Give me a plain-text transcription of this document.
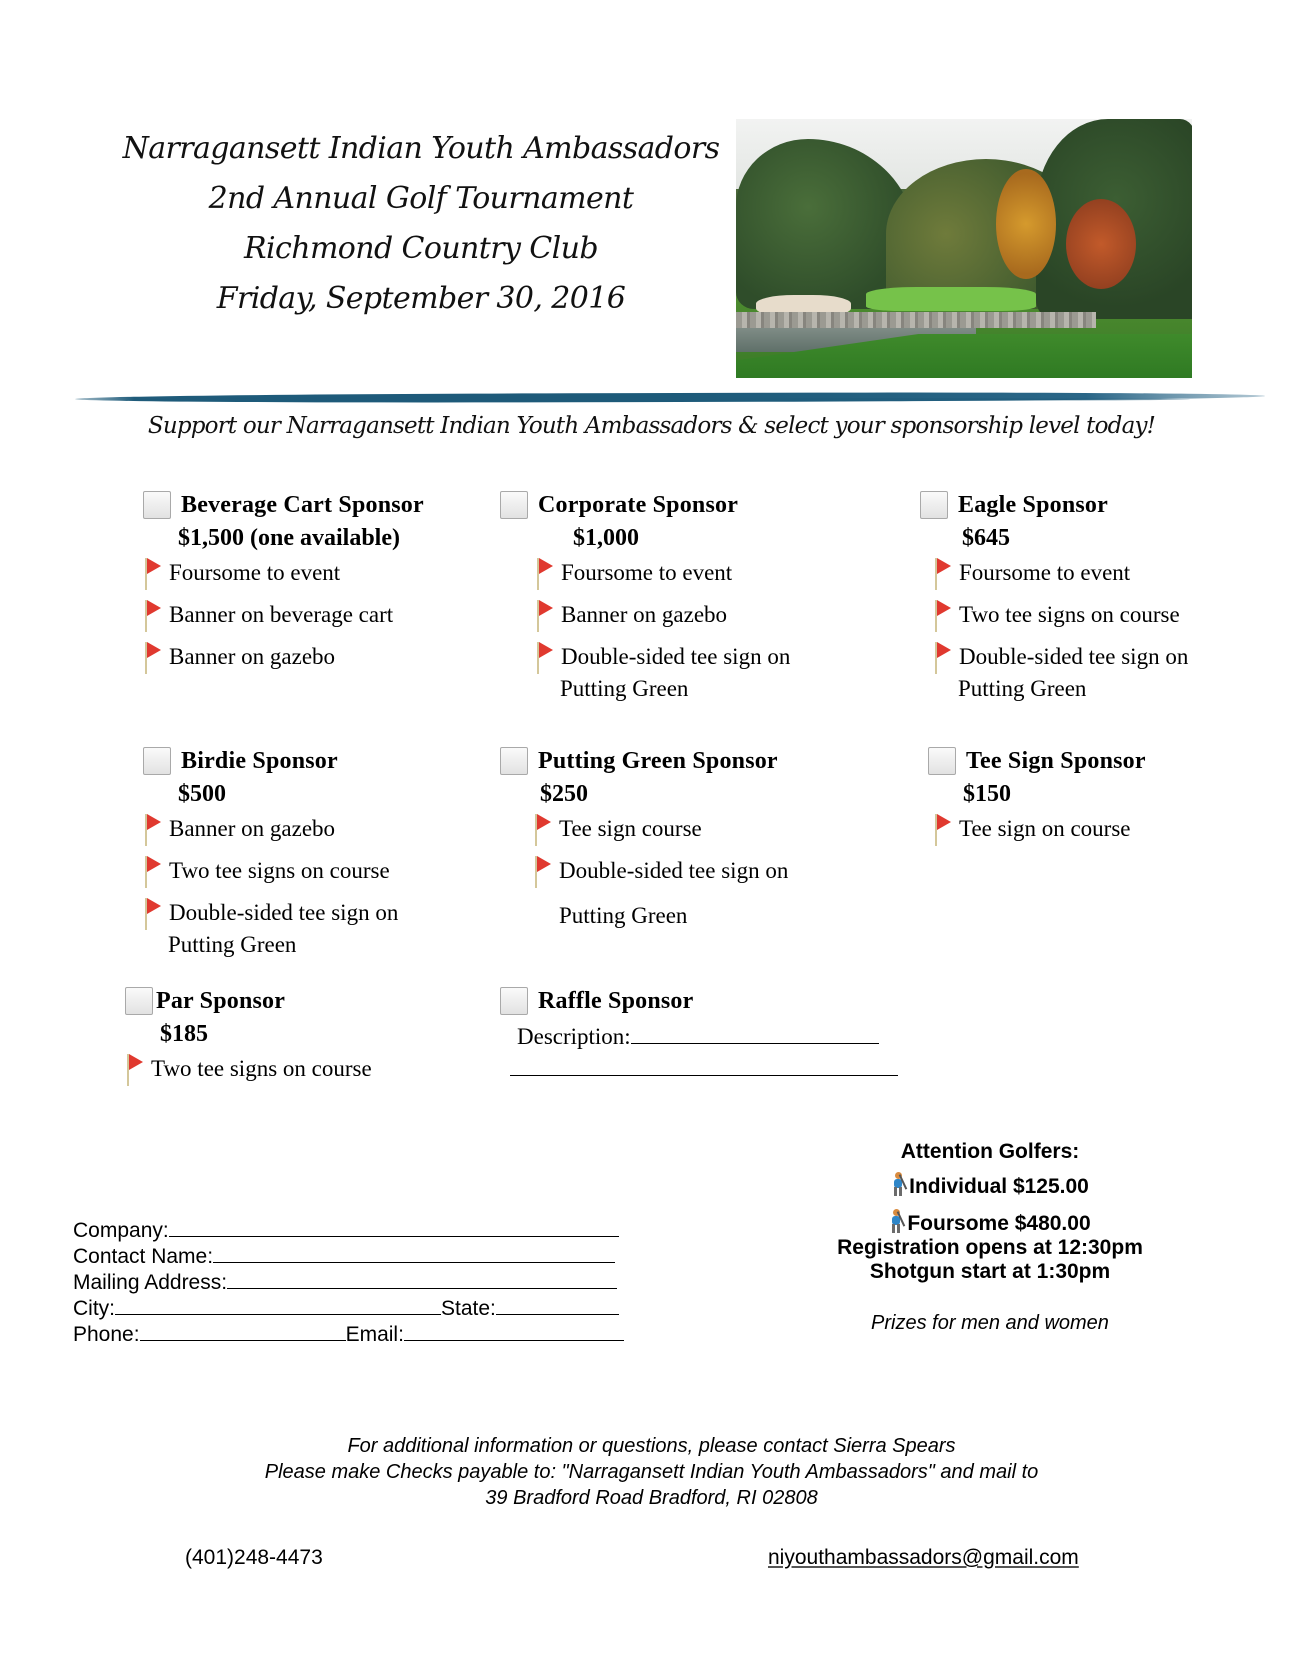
Narragansett Indian Youth Ambassadors
2nd Annual Golf Tournament
Richmond Country Club
Friday, September 30, 2016
Support our Narragansett Indian Youth Ambassadors & select your sponsorship level today!
Beverage Cart Sponsor
$1,500 (one available)
Foursome to event
Banner on beverage cart
Banner on gazebo
Corporate Sponsor
$1,000
Foursome to event
Banner on gazebo
Double-sided tee sign on
Putting Green
Eagle Sponsor
$645
Foursome to event
Two tee signs on course
Double-sided tee sign on
Putting Green
Birdie Sponsor
$500
Banner on gazebo
Two tee signs on course
Double-sided tee sign on
Putting Green
Putting Green Sponsor
$250
Tee sign course
Double-sided tee sign on
Putting Green
Tee Sign Sponsor
$150
Tee sign on course
Par Sponsor
$185
Two tee signs on course
Raffle Sponsor
Description:
Attention Golfers:
Individual $125.00
Foursome $480.00
Registration opens at 12:30pm
Shotgun start at 1:30pm
Prizes for men and women
Company:
Contact Name:
Mailing Address:
City:	State:
Phone:	Email:
For additional information or questions, please contact Sierra Spears
Please make Checks payable to: "Narragansett Indian Youth Ambassadors" and mail to
39 Bradford Road Bradford, RI 02808
(401)248-4473	niyouthambassadors@gmail.com
